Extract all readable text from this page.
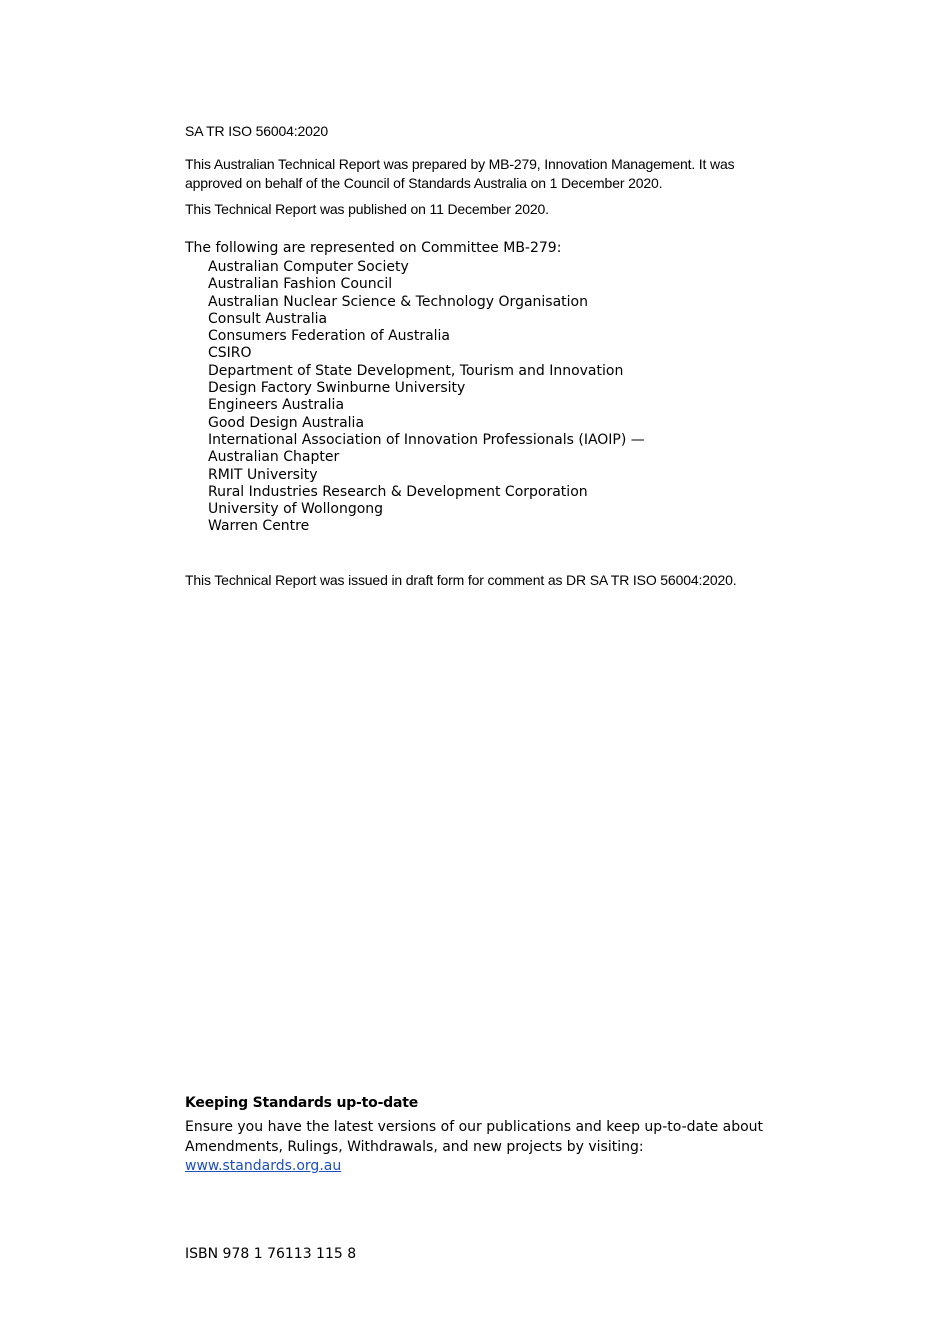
SA TR ISO 56004:2020

This Australian Technical Report was prepared by MB-279, Innovation Management. It was approved on behalf of the Council of Standards Australia on 1 December 2020.

This Technical Report was published on 11 December 2020.

The following are represented on Committee MB-279:
Australian Computer Society
Australian Fashion Council
Australian Nuclear Science & Technology Organisation
Consult Australia
Consumers Federation of Australia
CSIRO
Department of State Development, Tourism and Innovation
Design Factory Swinburne University
Engineers Australia
Good Design Australia
International Association of Innovation Professionals (IAOIP) —
Australian Chapter
RMIT University
Rural Industries Research & Development Corporation
University of Wollongong
Warren Centre

This Technical Report was issued in draft form for comment as DR SA TR ISO 56004:2020.

Keeping Standards up-to-date

Ensure you have the latest versions of our publications and keep up-to-date about Amendments, Rulings, Withdrawals, and new projects by visiting:
www.standards.org.au

ISBN 978 1 76113 115 8
